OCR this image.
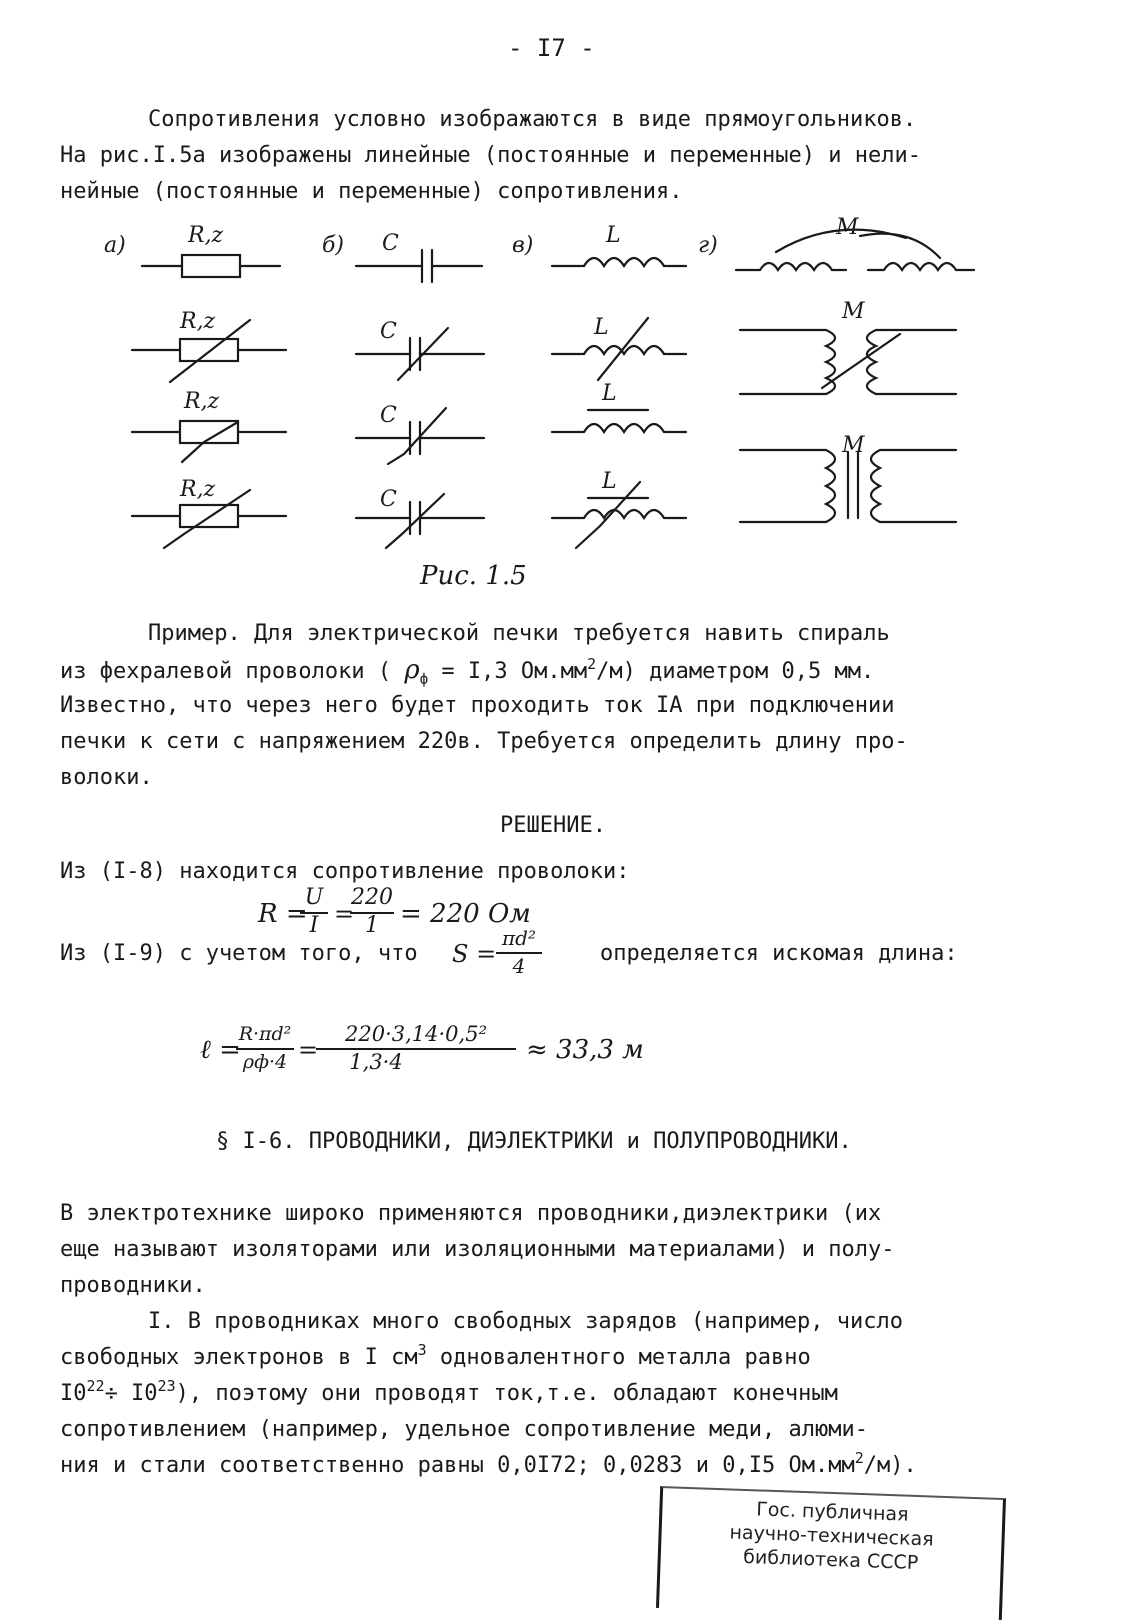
- I7 -
Сопротивления условно изображаются в виде прямоугольников.
На рис.I.5а изображены линейные (постоянные и переменные) и нели-
нейные (постоянные и переменные) сопротивления.
а)	б)	в)	г)
R,z
R,z
R,z
R,z
C
C
C
C
L
L
L
L
M
M
M
Рис. 1.5
Пример. Для электрической печки требуется навить спираль
из фехралевой проволоки ( $\rho_ф = I,3$ $Ом.мм^2/м$) диаметром 0,5 мм.
Известно, что через него будет проходить ток IА при подключении
печки к сети с напряжением 220в. Требуется определить длину про-
волоки.
РЕШЕНИЕ.
Из (I-8) находится сопротивление проволоки:
R =
U
I =
220
1 = 220 Ом
Из (I-9) с учетом того, что S =
πd²
4	определяется искомая длина:
ℓ =
R·πd²
ρф·4 =
220·3,14·0,5²
1,3·4	≈ 33,3 м
§ I-6. ПРОВОДНИКИ, ДИЭЛЕКТРИКИ и ПОЛУПРОВОДНИКИ.
В электротехнике широко применяются проводники,диэлектрики (их
еще называют изоляторами или изоляционными материалами) и полу-
проводники.
I. В проводниках много свободных зарядов (например, число
свободных электронов в I $см^3$ одновалентного металла равно
$I0^{22}\div I0^{23}$), поэтому они проводят ток,т.е. обладают конечным
сопротивлением (например, удельное сопротивление меди, алюми-
ния и стали соответственно равны 0,0I72; 0,0283 и 0,I5 $Ом.мм^2/м$).
Гос. публичная
научно-техническая
библиотека СССР
